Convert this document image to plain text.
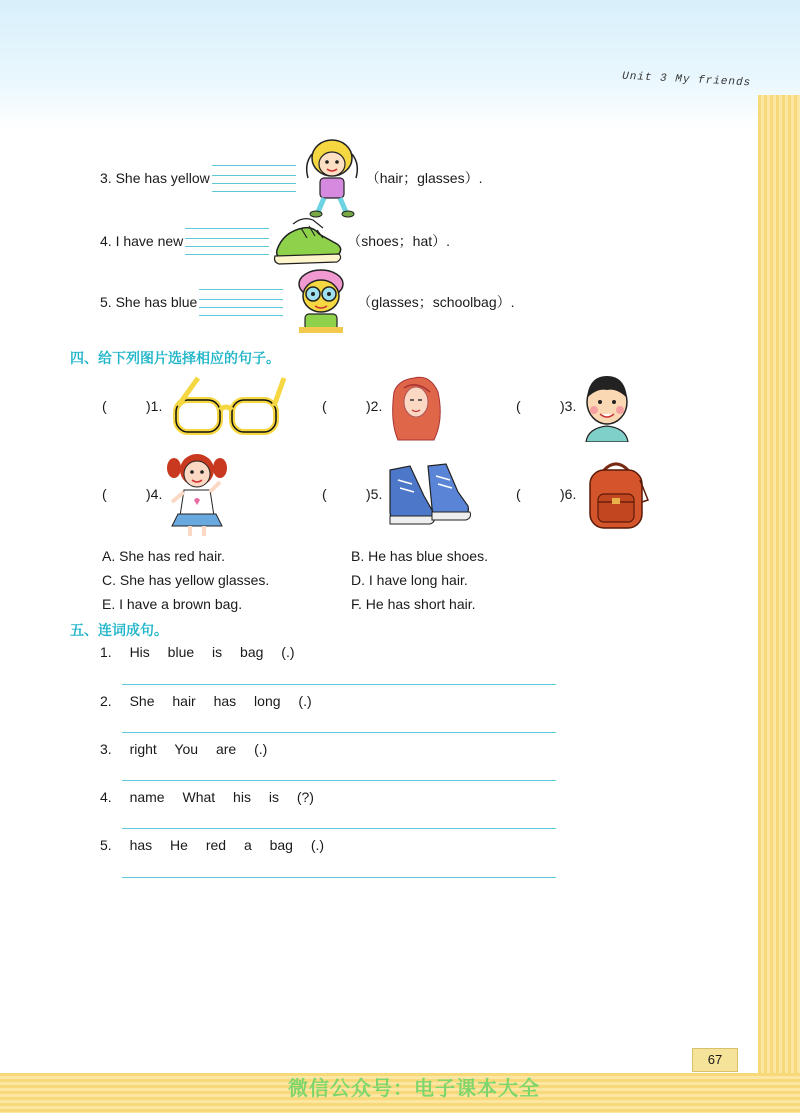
Unit 3 My friends
3.
She has yellow	（hair；glasses）.
4.
I have new	（shoes；hat）.
5.
She has blue	（glasses；schoolbag）.
四、给下列图片选择相应的句子。
( )1.	( )2.	( )3.
( )4.	( )5.	( )6.
A. She has red hair.	B. He has blue shoes.
C. She has yellow glasses.	D. I have long hair.
E. I have a brown bag.	F. He has short hair.
五、连词成句。
1. His blue is bag (.)
2. She hair has long (.)
3. right You are (.)
4. name What his is (?)
5. has He red a bag (.)
67
微信公众号：电子课本大全
